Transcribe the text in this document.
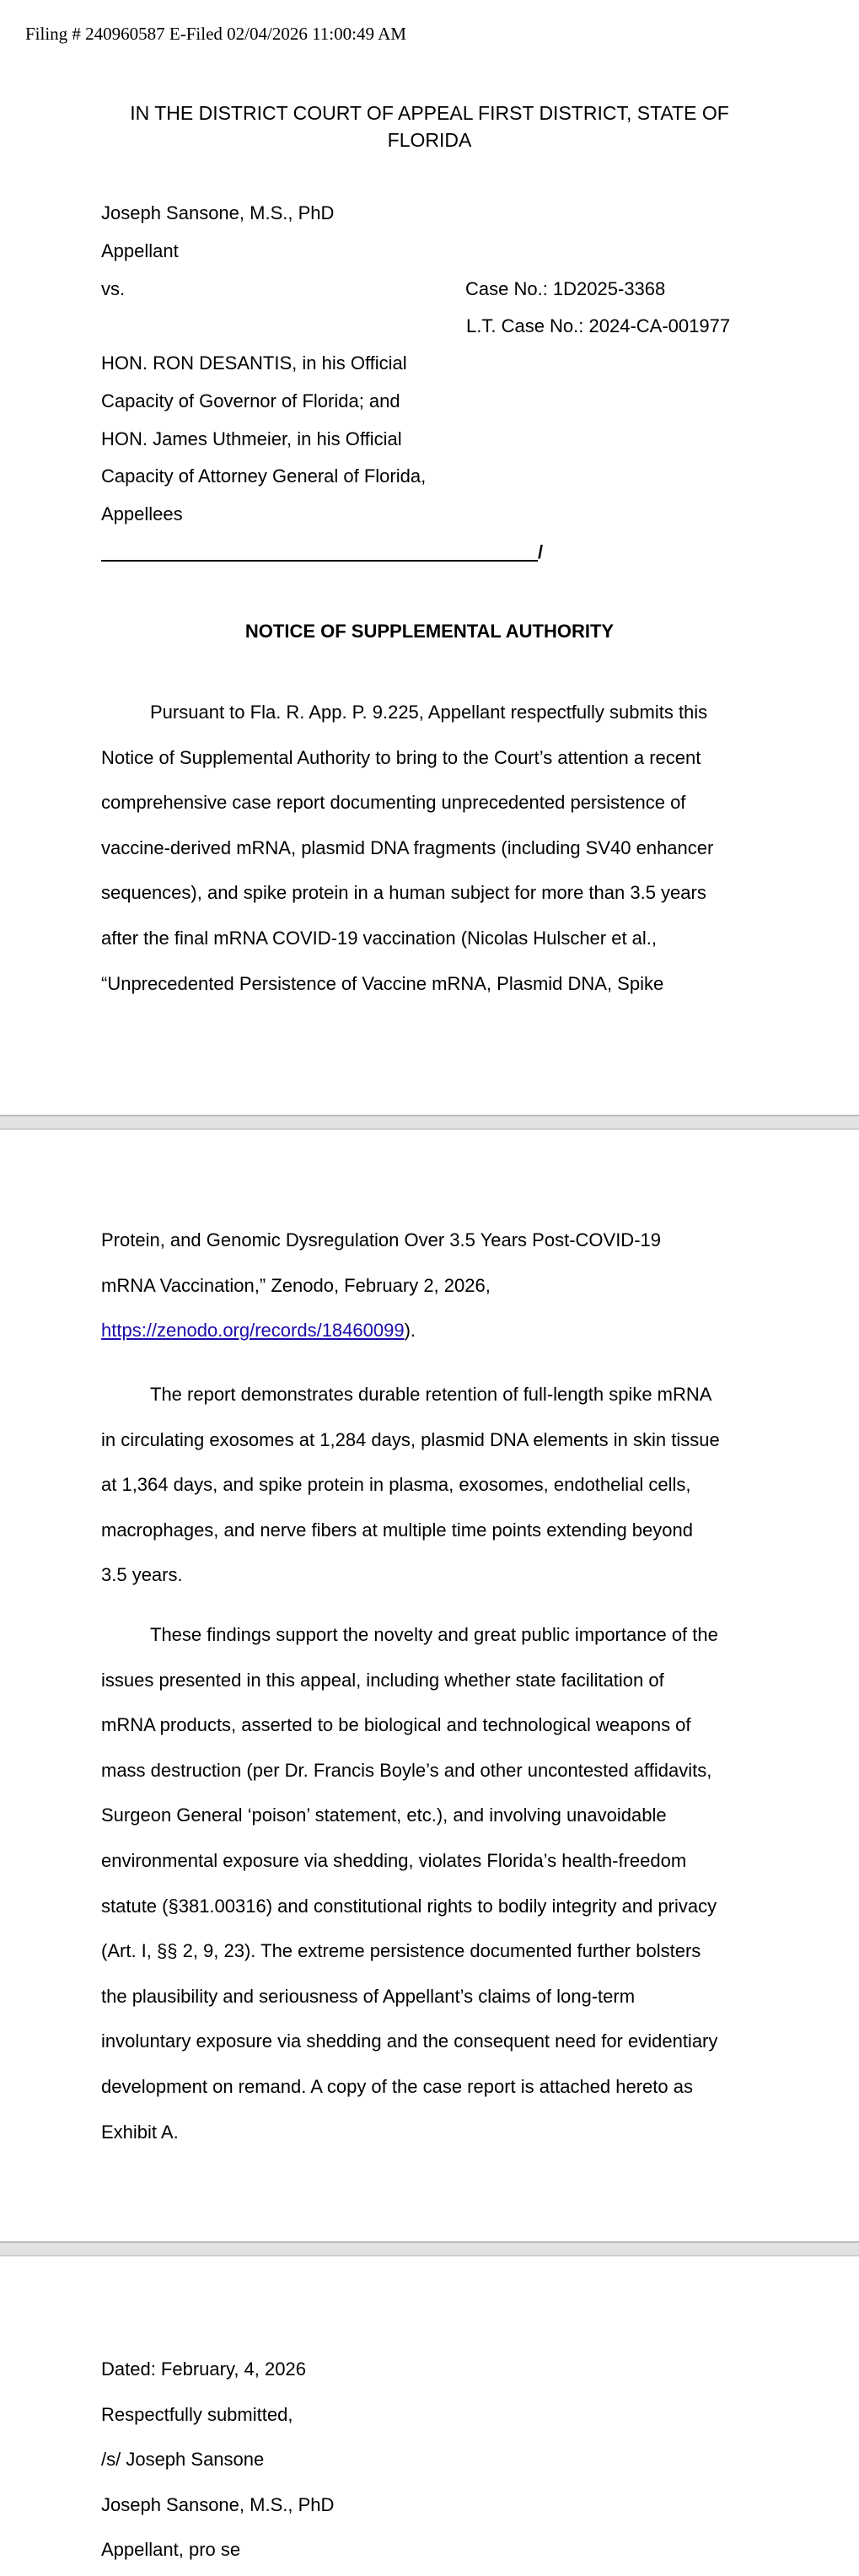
Filing # 240960587 E-Filed 02/04/2026 11:00:49 AM
IN THE DISTRICT COURT OF APPEAL FIRST DISTRICT, STATE OF FLORIDA
Joseph Sansone, M.S., PhD
Appellant
vs.	Case No.: 1D2025-3368
L.T. Case No.: 2024-CA-001977
HON. RON DESANTIS, in his Official
Capacity of Governor of Florida; and
HON. James Uthmeier, in his Official
Capacity of Attorney General of Florida,
Appellees
/
NOTICE OF SUPPLEMENTAL AUTHORITY
Pursuant to Fla. R. App. P. 9.225, Appellant respectfully submits this
Notice of Supplemental Authority to bring to the Court’s attention a recent
comprehensive case report documenting unprecedented persistence of
vaccine-derived mRNA, plasmid DNA fragments (including SV40 enhancer
sequences), and spike protein in a human subject for more than 3.5 years
after the final mRNA COVID-19 vaccination (Nicolas Hulscher et al.,
“Unprecedented Persistence of Vaccine mRNA, Plasmid DNA, Spike
Protein, and Genomic Dysregulation Over 3.5 Years Post-COVID-19
mRNA Vaccination,” Zenodo, February 2, 2026,
https://zenodo.org/records/18460099).
The report demonstrates durable retention of full-length spike mRNA
in circulating exosomes at 1,284 days, plasmid DNA elements in skin tissue
at 1,364 days, and spike protein in plasma, exosomes, endothelial cells,
macrophages, and nerve fibers at multiple time points extending beyond
3.5 years.
These findings support the novelty and great public importance of the
issues presented in this appeal, including whether state facilitation of
mRNA products, asserted to be biological and technological weapons of
mass destruction (per Dr. Francis Boyle’s and other uncontested affidavits,
Surgeon General ‘poison’ statement, etc.), and involving unavoidable
environmental exposure via shedding, violates Florida’s health-freedom
statute (§381.00316) and constitutional rights to bodily integrity and privacy
(Art. I, §§ 2, 9, 23). The extreme persistence documented further bolsters
the plausibility and seriousness of Appellant’s claims of long-term
involuntary exposure via shedding and the consequent need for evidentiary
development on remand. A copy of the case report is attached hereto as
Exhibit A.
Dated: February, 4, 2026
Respectfully submitted,
/s/ Joseph Sansone
Joseph Sansone, M.S., PhD
Appellant, pro se
